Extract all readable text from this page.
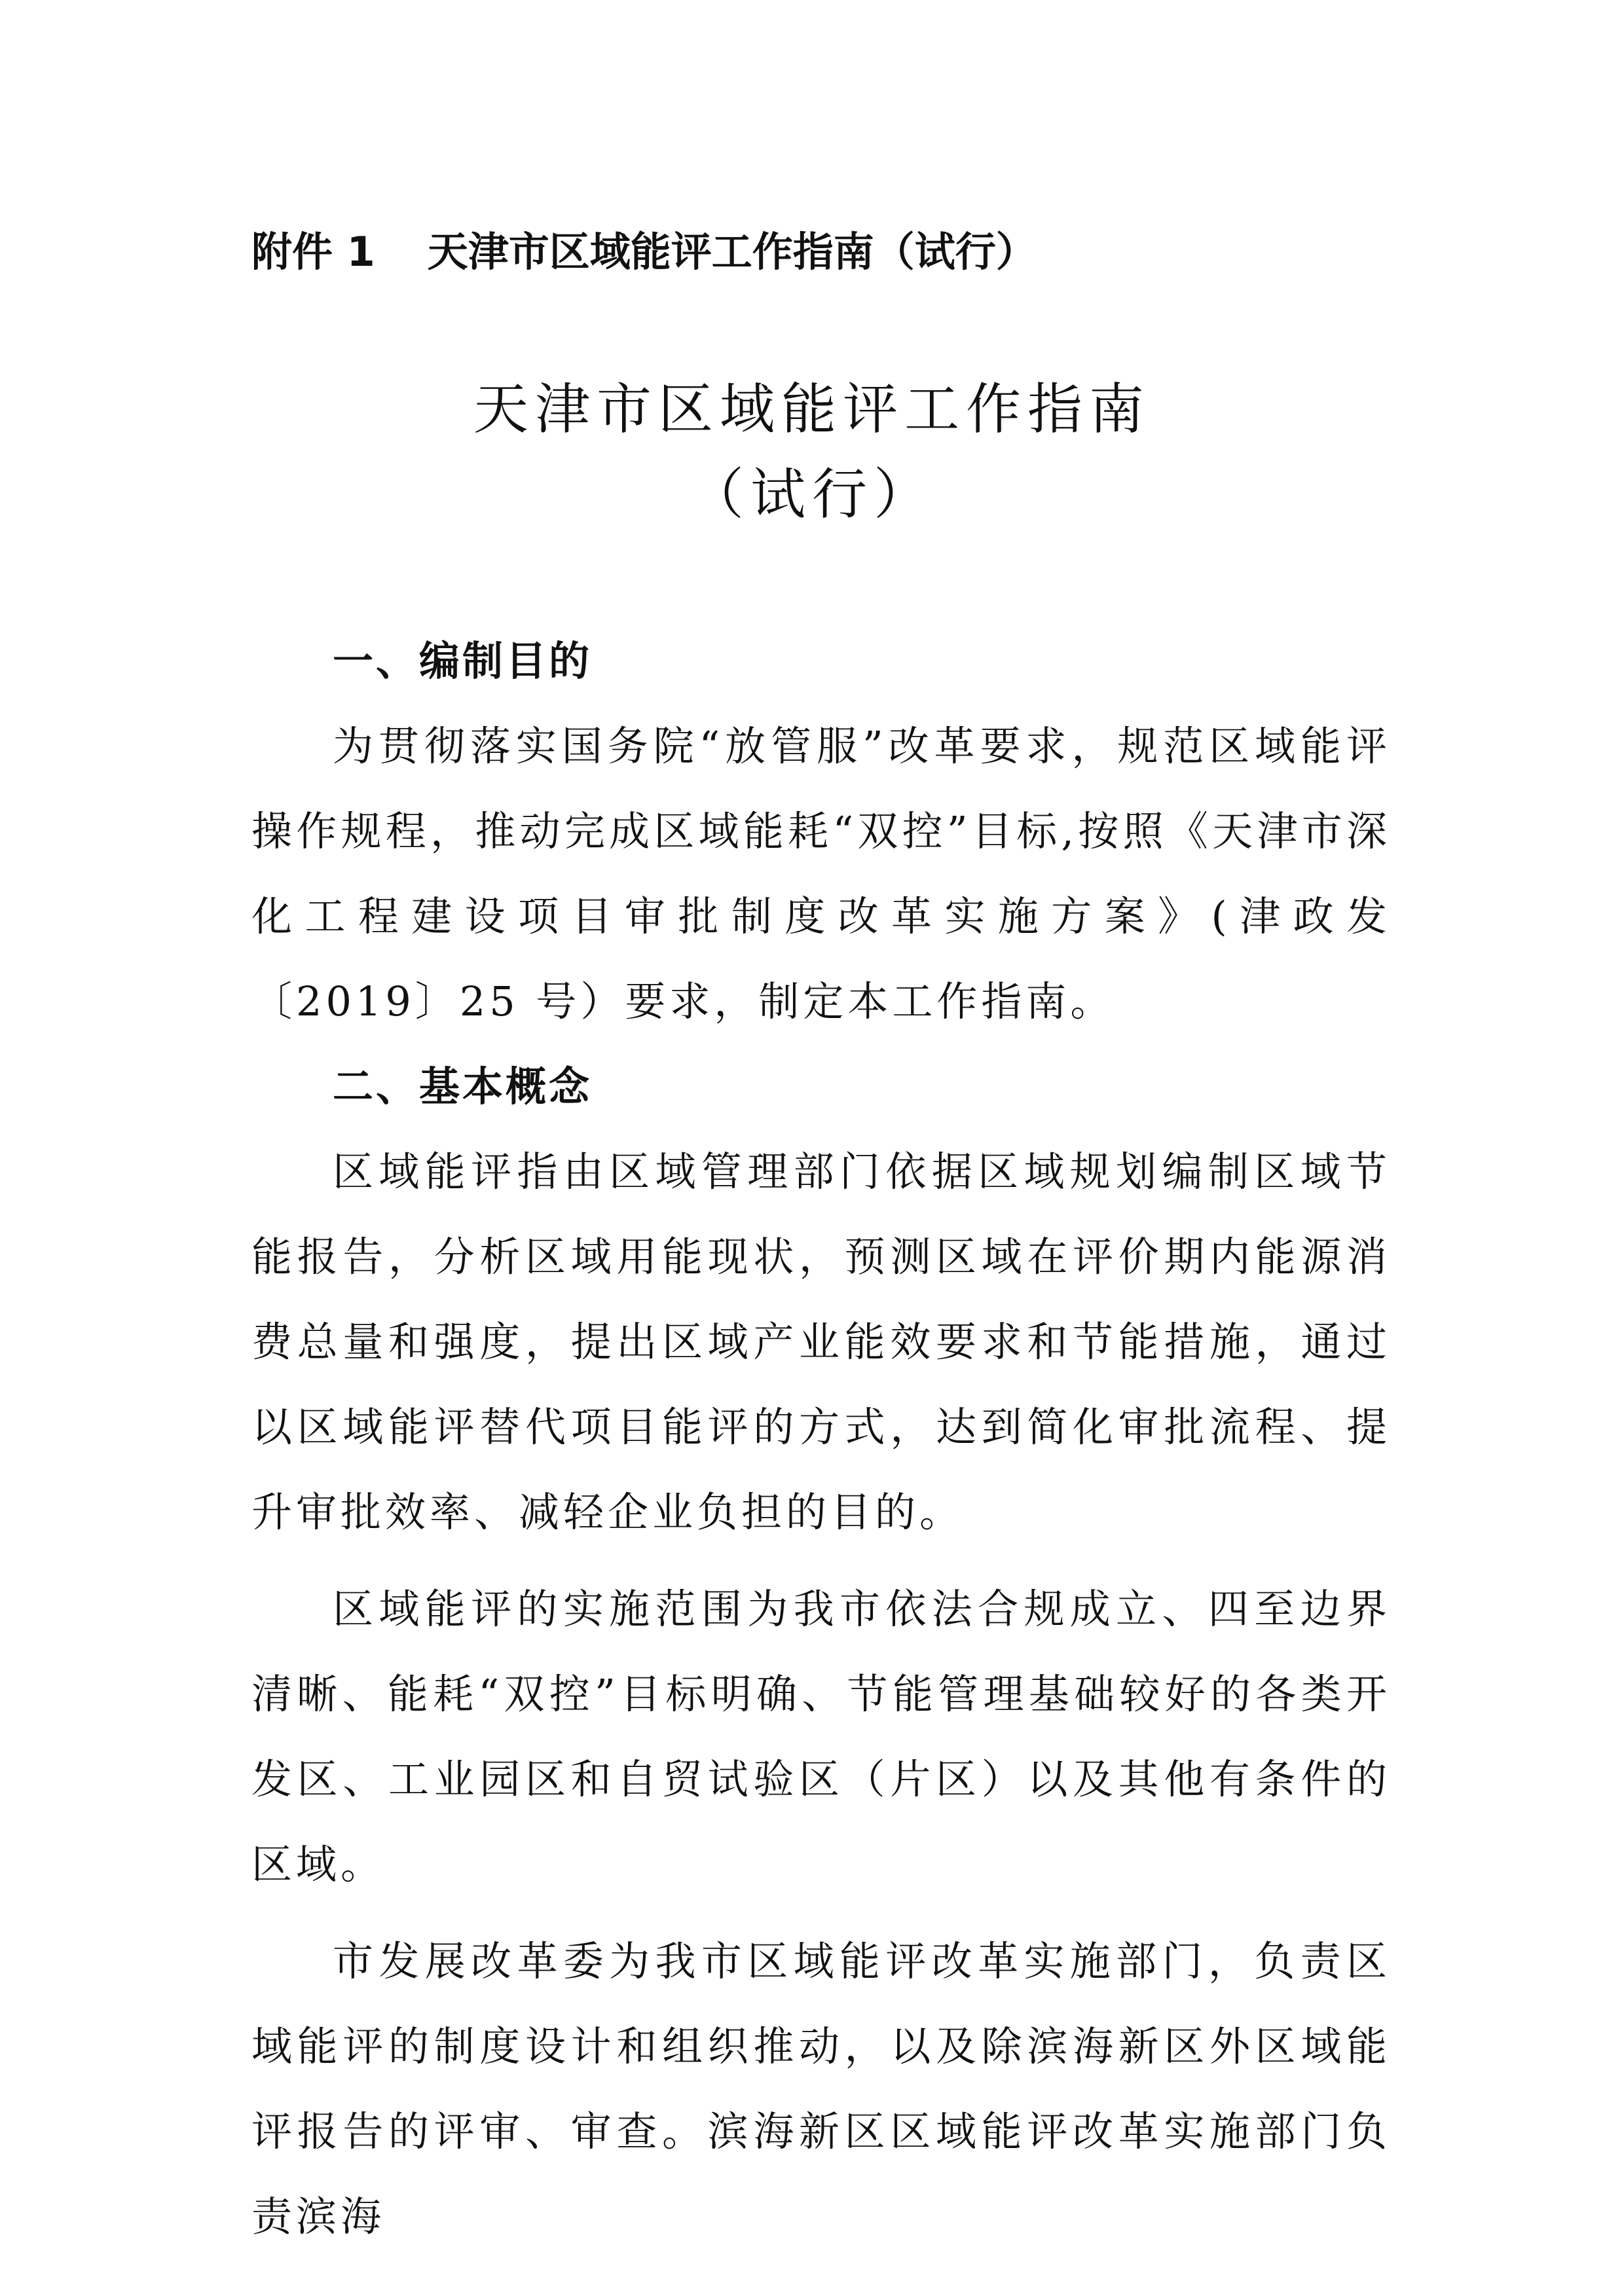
附件 1 天津市区域能评工作指南（试行）
天津市区域能评工作指南
（试行）

一、编制目的

为贯彻落实国务院“放管服”改革要求，规范区域能评操作规程，推动完成区域能耗“双控”目标,按照《天津市深化工程建设项目审批制度改革实施方案》(津政发〔2019〕25 号）要求，制定本工作指南。

二、基本概念

区域能评指由区域管理部门依据区域规划编制区域节能报告，分析区域用能现状，预测区域在评价期内能源消费总量和强度，提出区域产业能效要求和节能措施，通过以区域能评替代项目能评的方式，达到简化审批流程、提升审批效率、减轻企业负担的目的。

区域能评的实施范围为我市依法合规成立、四至边界清晰、能耗“双控”目标明确、节能管理基础较好的各类开发区、工业园区和自贸试验区（片区）以及其他有条件的区域。

市发展改革委为我市区域能评改革实施部门，负责区域能评的制度设计和组织推动，以及除滨海新区外区域能评报告的评审、审查。滨海新区区域能评改革实施部门负责滨海
